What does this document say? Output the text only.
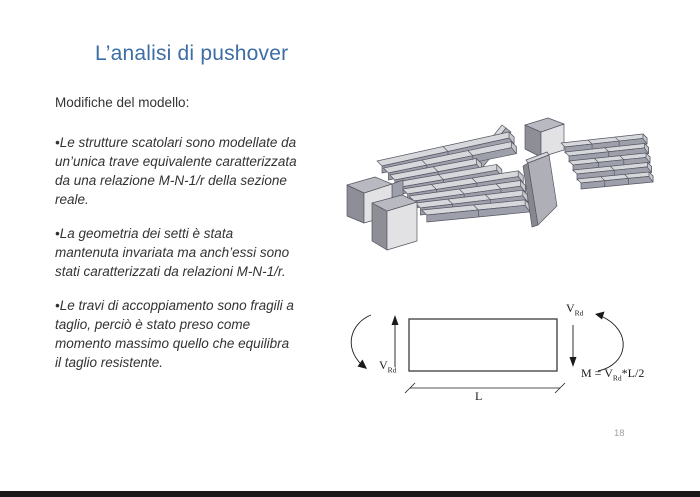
L’analisi di pushover
Modifiche del modello:
•Le strutture scatolari sono modellate da
un’unica trave equivalente caratterizzata
da una relazione M-N-1/r della sezione
reale.
•La geometria dei setti è stata
mantenuta invariata ma anch’essi sono
stati caratterizzati da relazioni M-N-1/r.
•Le travi di accoppiamento sono fragili a
taglio, perciò è stato preso come
momento massimo quello che equilibra
il taglio resistente.	$V_{Rd}$
$V_{Rd}$
$M = V_{Rd}*L/2$
L
18
